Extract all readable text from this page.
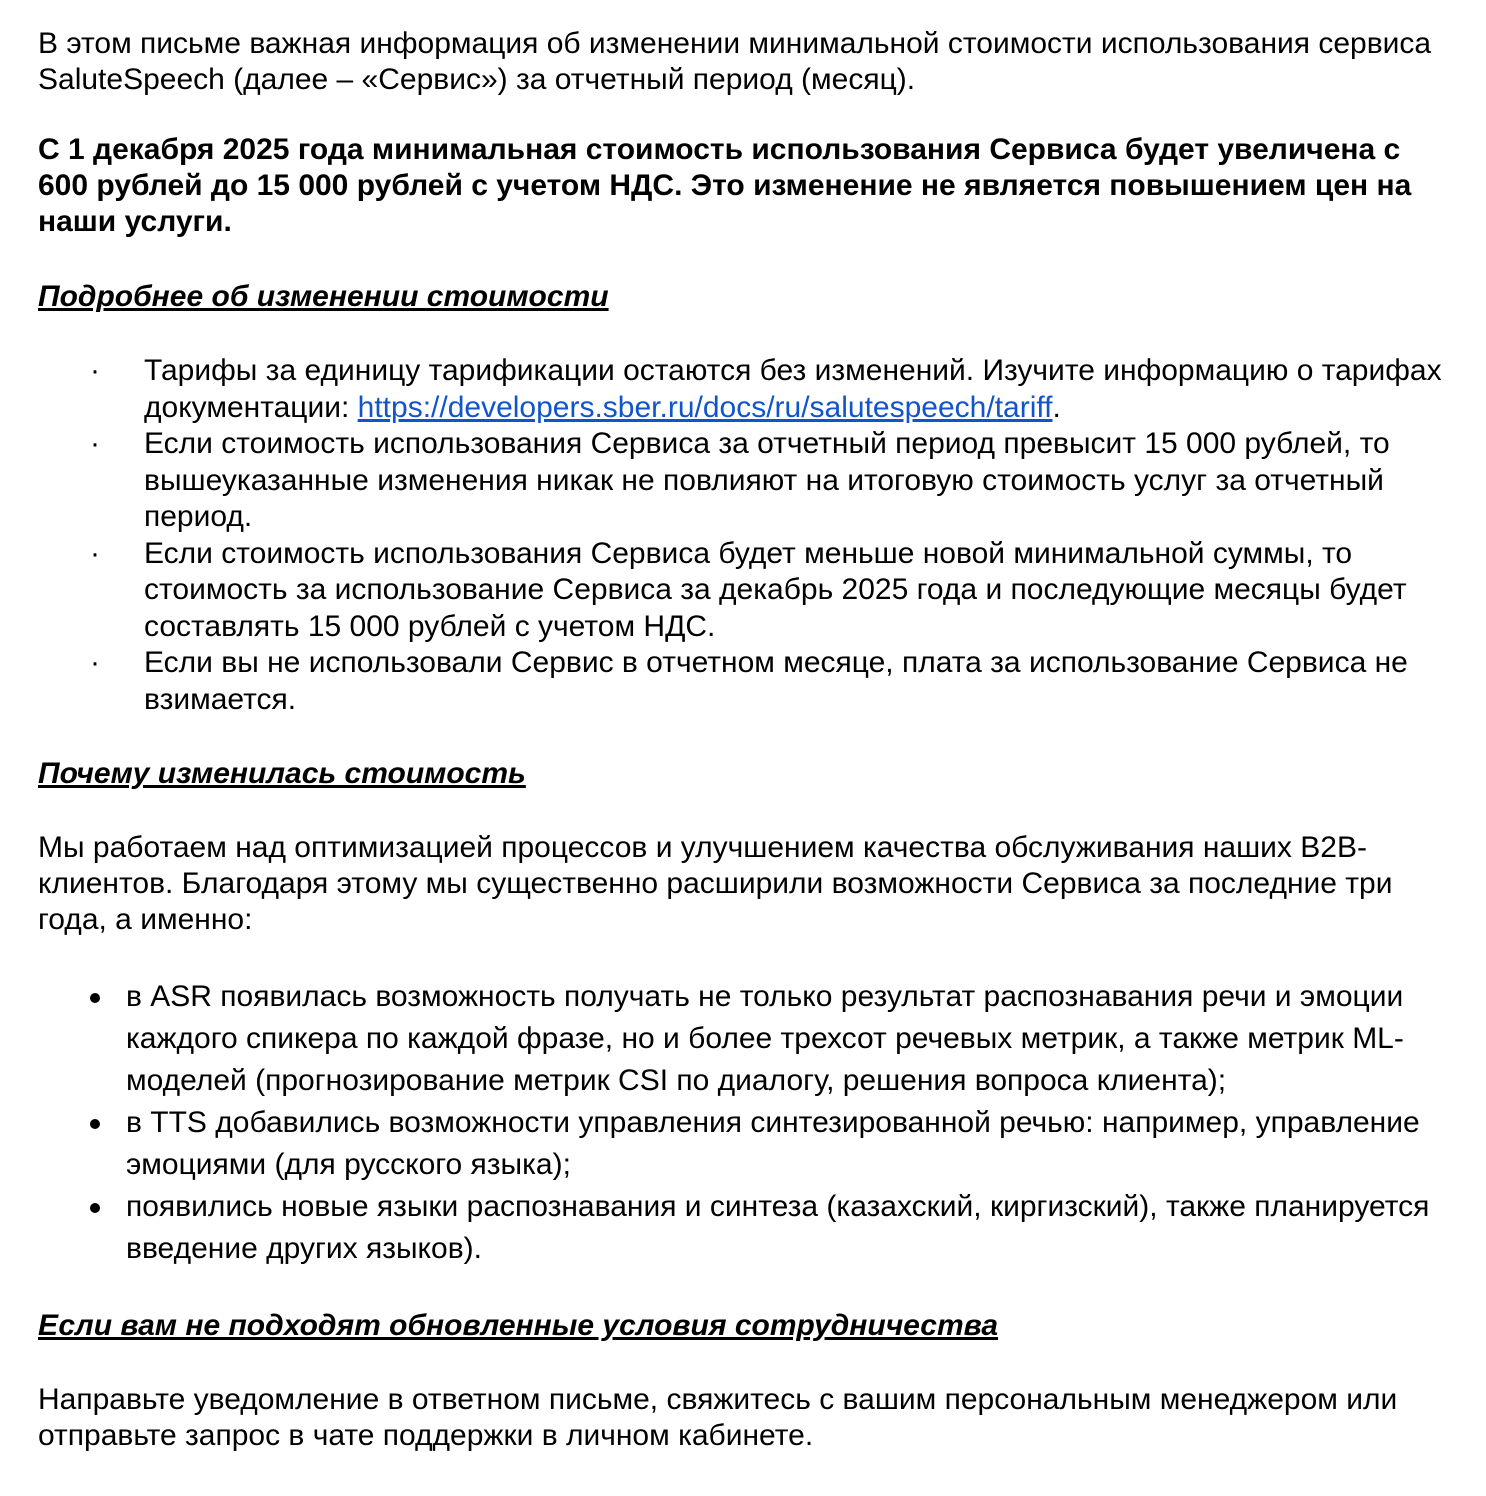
В этом письме важная информация об изменении минимальной стоимости использования сервиса SaluteSpeech (далее – «Сервис») за отчетный период (месяц).

С 1 декабря 2025 года минимальная стоимость использования Сервиса будет увеличена с 600 рублей до 15 000 рублей с учетом НДС. Это изменение не является повышением цен на наши услуги.

Подробнее об изменении стоимости

· Тарифы за единицу тарификации остаются без изменений. Изучите информацию о тарифах документации: https://developers.sber.ru/docs/ru/salutespeech/tariff.
· Если стоимость использования Сервиса за отчетный период превысит 15 000 рублей, то вышеуказанные изменения никак не повлияют на итоговую стоимость услуг за отчетный период.
· Если стоимость использования Сервиса будет меньше новой минимальной суммы, то стоимость за использование Сервиса за декабрь 2025 года и последующие месяцы будет составлять 15 000 рублей с учетом НДС.
· Если вы не использовали Сервис в отчетном месяце, плата за использование Сервиса не взимается.

Почему изменилась стоимость

Мы работаем над оптимизацией процессов и улучшением качества обслуживания наших B2B-клиентов. Благодаря этому мы существенно расширили возможности Сервиса за последние три года, а именно:

в ASR появилась возможность получать не только результат распознавания речи и эмоции каждого спикера по каждой фразе, но и более трехсот речевых метрик, а также метрик ML-моделей (прогнозирование метрик CSI по диалогу, решения вопроса клиента);
в TTS добавились возможности управления синтезированной речью: например, управление эмоциями (для русского языка);
появились новые языки распознавания и синтеза (казахский, киргизский), также планируется введение других языков).

Если вам не подходят обновленные условия сотрудничества

Направьте уведомление в ответном письме, свяжитесь с вашим персональным менеджером или отправьте запрос в чате поддержки в личном кабинете.
